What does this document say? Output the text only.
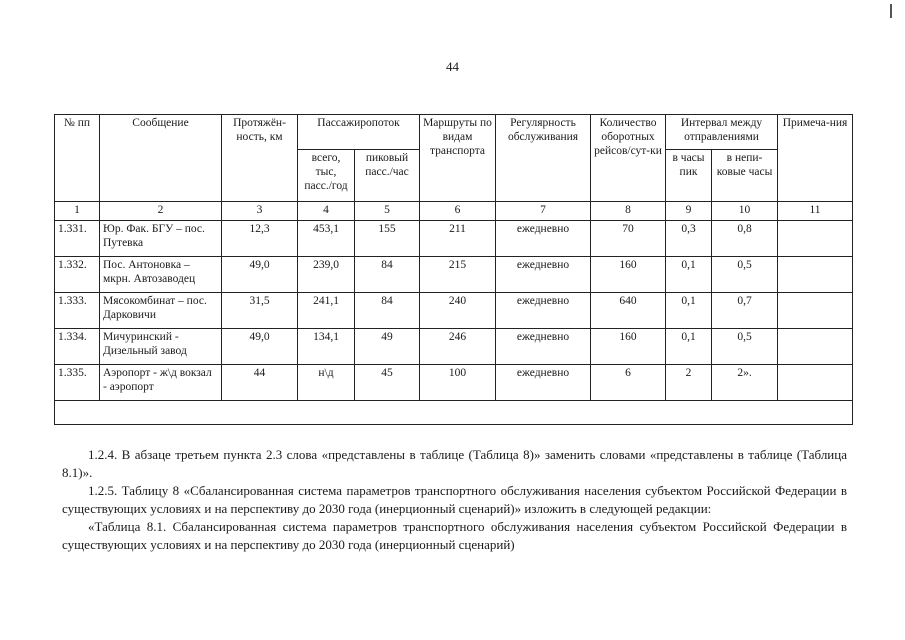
44
№ пп	Сообщение	Протяжён-ность, км	Пассажиропоток		Маршруты по видам транспорта	Регулярность обслуживания	Количество оборотных рейсов/сут-ки	Интервал между отправлениями		Примеча-ния
			всего, тыс, пасс./год	пиковый пасс./час				в часы пик	в непи-ковые часы	
1	2	3	4	5	6	7	8	9	10	11
1.331.	Юр. Фак. БГУ – пос. Путевка	12,3	453,1	155	211	ежедневно	70	0,3	0,8	
1.332.	Пос. Антоновка – мкрн. Автозаводец	49,0	239,0	84	215	ежедневно	160	0,1	0,5	
1.333.	Мясокомбинат – пос. Дарковичи	31,5	241,1	84	240	ежедневно	640	0,1	0,7	
1.334.	Мичуринский - Дизельный завод	49,0	134,1	49	246	ежедневно	160	0,1	0,5	
1.335.	Аэропорт - ж\д вокзал - аэропорт	44	н\д	45	100	ежедневно	6	2	2».	

1.2.4. В абзаце третьем пункта 2.3 слова «представлены в таблице (Таблица 8)» заменить словами «представлены в таблице (Таблица 8.1)».

1.2.5. Таблицу 8 «Сбалансированная система параметров транспортного обслуживания населения субъектом Российской Федерации в существующих условиях и на перспективу до 2030 года (инерционный сценарий)» изложить в следующей редакции:

«Таблица 8.1. Сбалансированная система параметров транспортного обслуживания населения субъектом Российской Федерации в существующих условиях и на перспективу до 2030 года (инерционный сценарий)
